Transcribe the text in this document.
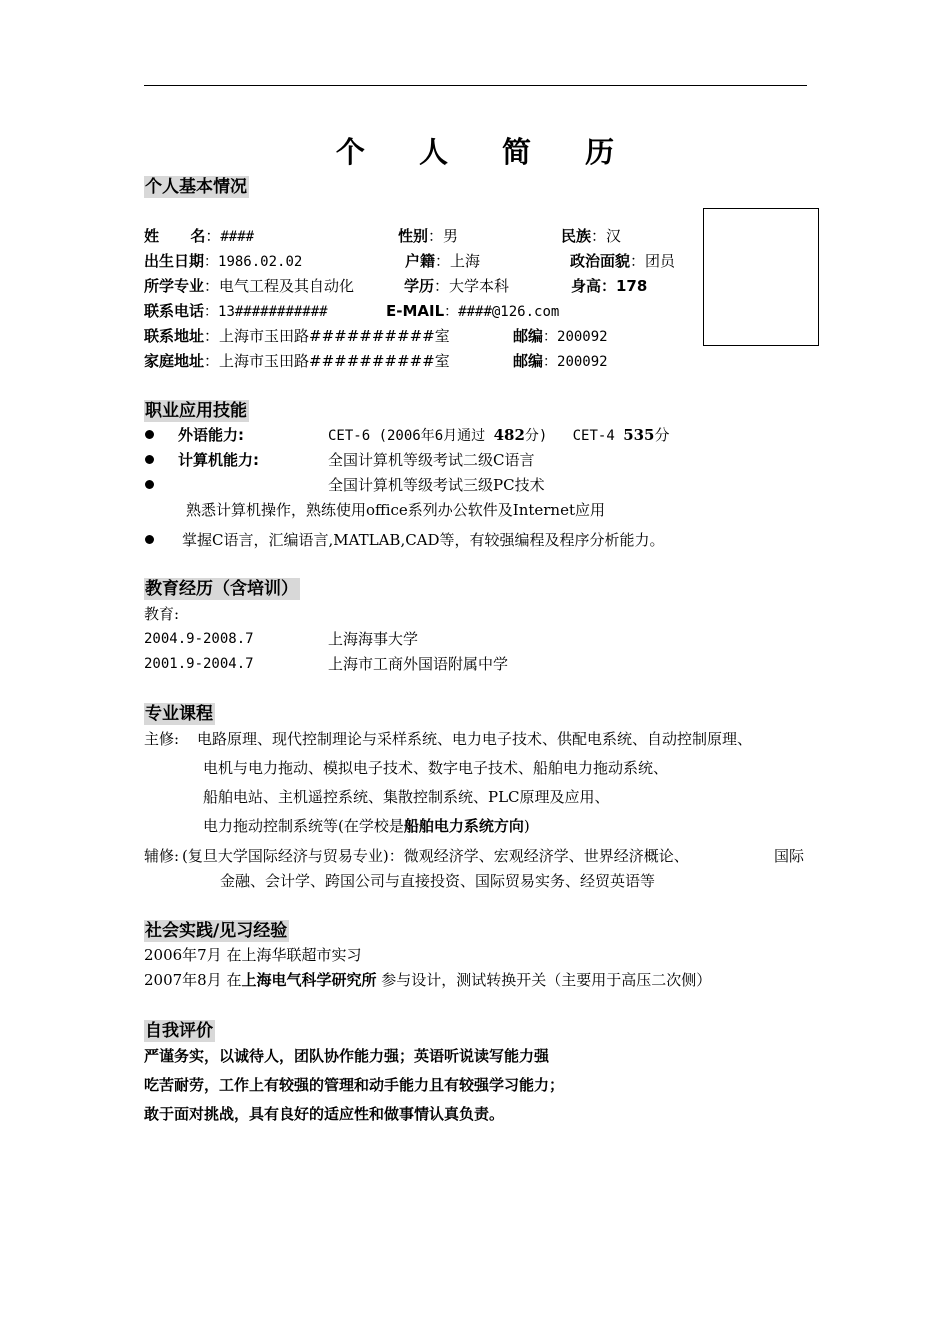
个 人 简 历
个人基本情况
姓      名：####	性别：男	民族：汉
出生日期：1986.02.02	户籍：上海	政治面貌：团员
所学专业：电气工程及其自动化	学历：大学本科	身高：178
联系电话：13###########	E-MAIL：####@126.com
联系地址：上海市玉田路##########室	邮编：200092
家庭地址：上海市玉田路##########室	邮编：200092
职业应用技能
外语能力:	CET-6 (2006年6月通过 482分)   CET-4 535分
计算机能力:	全国计算机等级考试二级C语言
全国计算机等级考试三级PC技术
熟悉计算机操作，熟练使用office系列办公软件及Internet应用
掌握C语言，汇编语言,MATLAB,CAD等，有较强编程及程序分析能力。
教育经历（含培训）
教育:
2004.9-2008.7	上海海事大学
2001.9-2004.7	上海市工商外国语附属中学
专业课程
主修: 电路原理、现代控制理论与采样系统、电力电子技术、供配电系统、自动控制原理、
电机与电力拖动、模拟电子技术、数字电子技术、船舶电力拖动系统、
船舶电站、主机遥控系统、集散控制系统、PLC原理及应用、
电力拖动控制系统等(在学校是船舶电力系统方向)
辅修: (复旦大学国际经济与贸易专业)：微观经济学、宏观经济学、世界经济概论、	国际
金融、会计学、跨国公司与直接投资、国际贸易实务、经贸英语等
社会实践/见习经验
2006年7月 在上海华联超市实习
2007年8月 在上海电气科学研究所 参与设计，测试转换开关（主要用于高压二次侧）
自我评价
严谨务实，以诚待人，团队协作能力强；英语听说读写能力强
吃苦耐劳，工作上有较强的管理和动手能力且有较强学习能力；
敢于面对挑战，具有良好的适应性和做事情认真负责。
